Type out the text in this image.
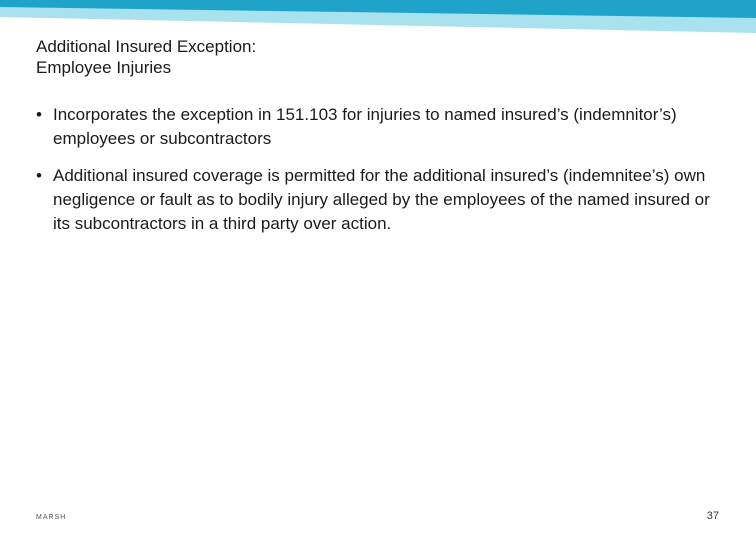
Additional Insured Exception:
Employee Injuries
• Incorporates the exception in 151.103 for injuries to named insured’s (indemnitor’s) employees or subcontractors
• Additional insured coverage is permitted for the additional insured’s (indemnitee’s) own negligence or fault as to bodily injury alleged by the employees of the named insured or its subcontractors in a third party over action.
MARSH	37
